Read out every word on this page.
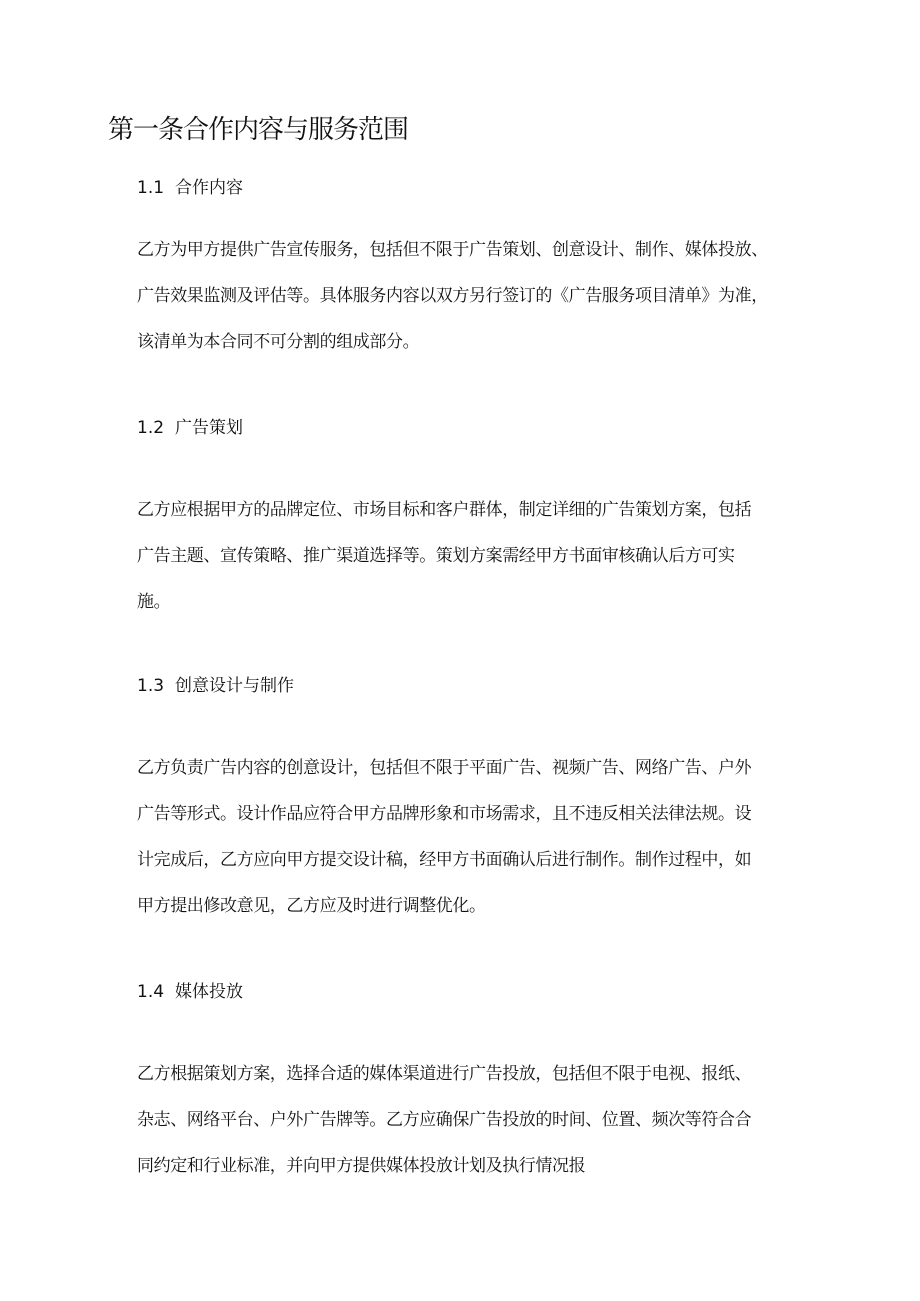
第一条合作内容与服务范围
1.1 合作内容
乙方为甲方提供广告宣传服务，包括但不限于广告策划、创意设计、制作、媒体投放、
广告效果监测及评估等。具体服务内容以双方另行签订的《广告服务项目清单》为准，
该清单为本合同不可分割的组成部分。
1.2 广告策划
乙方应根据甲方的品牌定位、市场目标和客户群体，制定详细的广告策划方案，包括
广告主题、宣传策略、推广渠道选择等。策划方案需经甲方书面审核确认后方可实
施。
1.3 创意设计与制作
乙方负责广告内容的创意设计，包括但不限于平面广告、视频广告、网络广告、户外
广告等形式。设计作品应符合甲方品牌形象和市场需求，且不违反相关法律法规。设
计完成后，乙方应向甲方提交设计稿，经甲方书面确认后进行制作。制作过程中，如
甲方提出修改意见，乙方应及时进行调整优化。
1.4 媒体投放
乙方根据策划方案，选择合适的媒体渠道进行广告投放，包括但不限于电视、报纸、
杂志、网络平台、户外广告牌等。乙方应确保广告投放的时间、位置、频次等符合合
同约定和行业标准，并向甲方提供媒体投放计划及执行情况报
